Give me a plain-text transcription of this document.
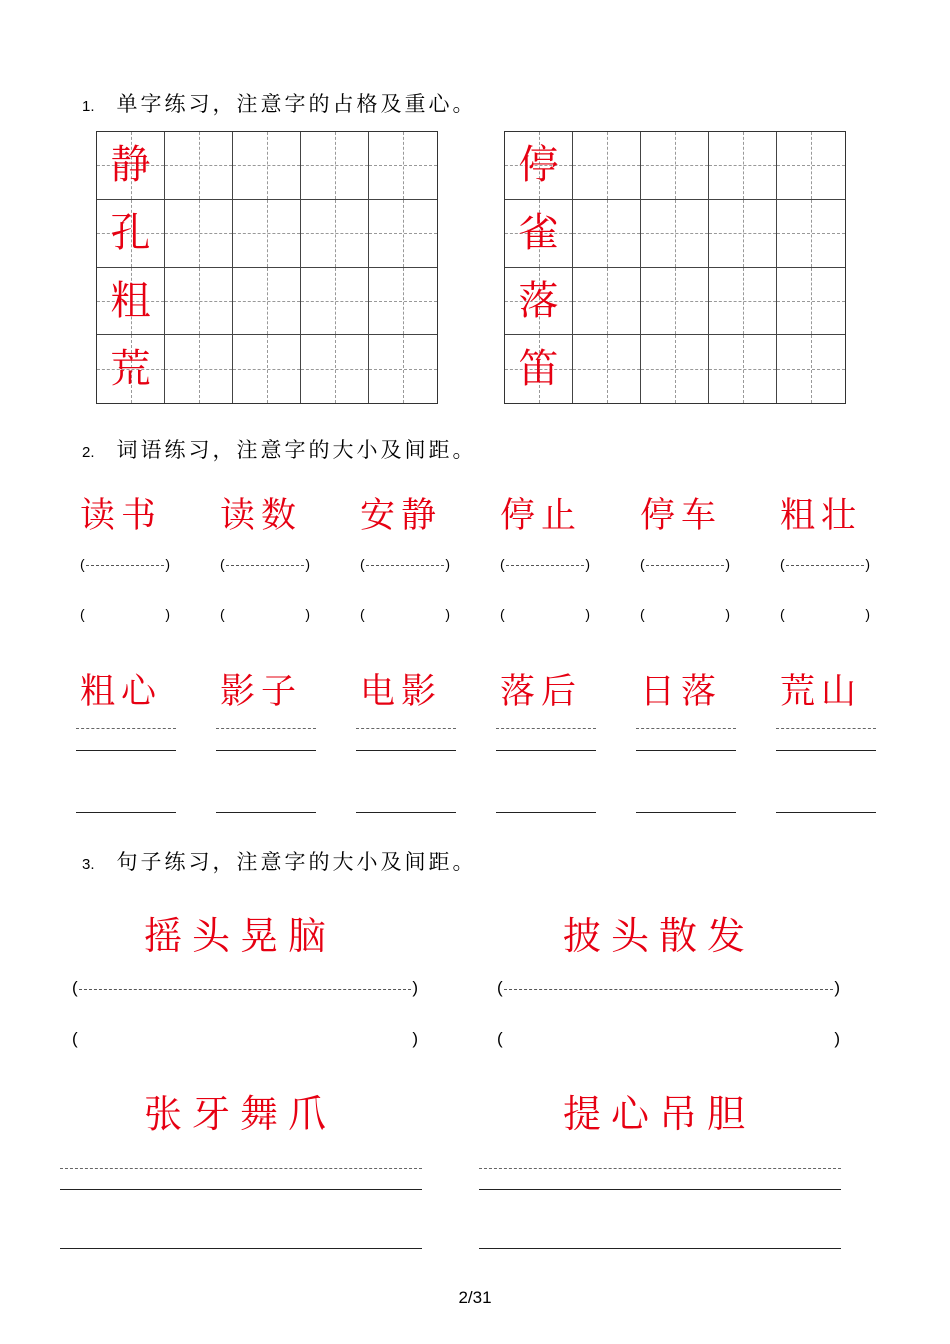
1. 单字练习，注意字的占格及重心。
静
孔
粗
荒
停
雀
落
笛
2. 词语练习，注意字的大小及间距。
读书
(	)
(	)
读数
(	)
(	)
安静
(	)
(	)
停止
(	)
(	)
停车
(	)
(	)
粗壮
(	)
(	)
粗心 影子 电影 落后 日落 荒山
3. 句子练习，注意字的大小及间距。
摇头晃脑	披头散发
(	)
(	)
(	)
(	)
张牙舞爪	提心吊胆
2/31
